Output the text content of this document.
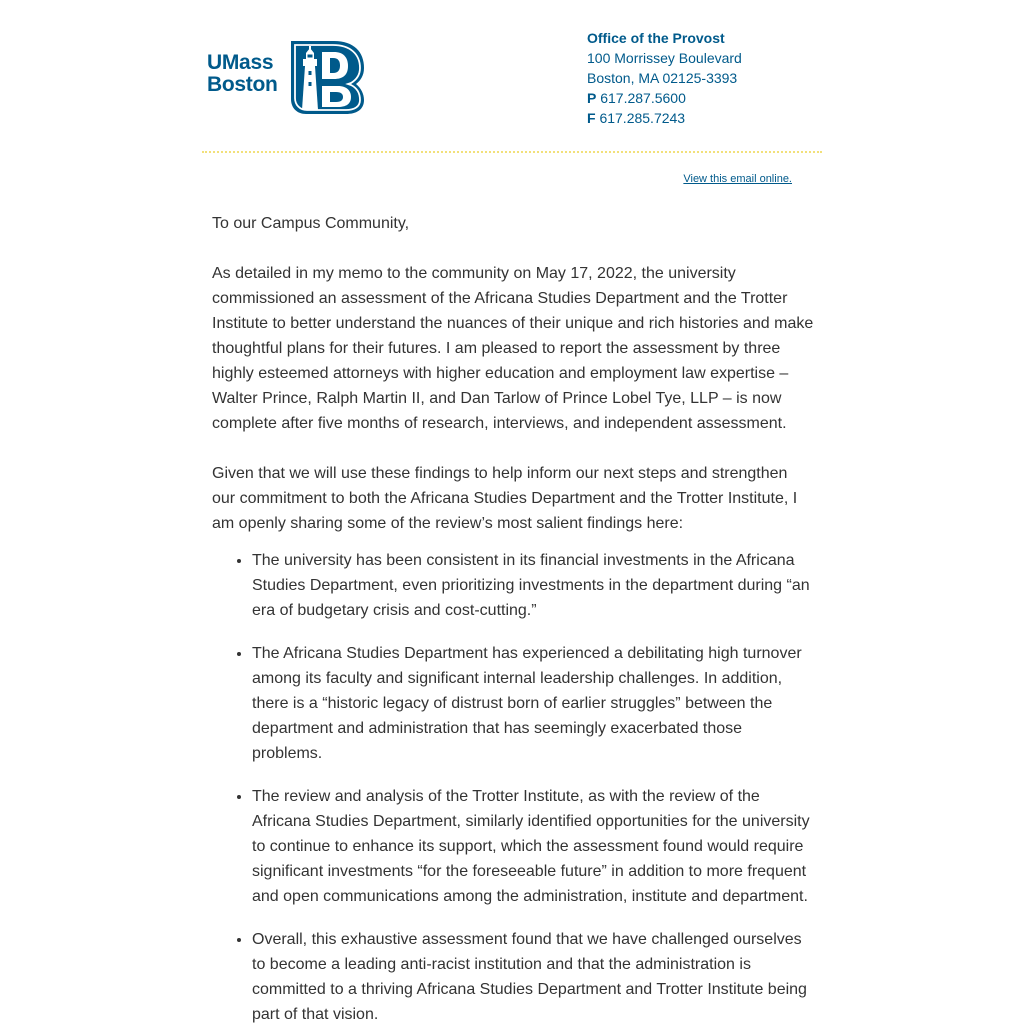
UMass
Boston
Office of the Provost
100 Morrissey Boulevard
Boston, MA 02125-3393
P 617.287.5600
F 617.285.7243
View this email online.

To our Campus Community,

As detailed in my memo to the community on May 17, 2022, the university commissioned an assessment of the Africana Studies Department and the Trotter Institute to better understand the nuances of their unique and rich histories and make thoughtful plans for their futures. I am pleased to report the assessment by three highly esteemed attorneys with higher education and employment law expertise – Walter Prince, Ralph Martin II, and Dan Tarlow of Prince Lobel Tye, LLP – is now complete after five months of research, interviews, and independent assessment.

Given that we will use these findings to help inform our next steps and strengthen our commitment to both the Africana Studies Department and the Trotter Institute, I am openly sharing some of the review’s most salient findings here:

• The university has been consistent in its financial investments in the Africana Studies Department, even prioritizing investments in the department during “an era of budgetary crisis and cost-cutting.”
• The Africana Studies Department has experienced a debilitating high turnover among its faculty and significant internal leadership challenges. In addition, there is a “historic legacy of distrust born of earlier struggles” between the department and administration that has seemingly exacerbated those problems.
• The review and analysis of the Trotter Institute, as with the review of the Africana Studies Department, similarly identified opportunities for the university to continue to enhance its support, which the assessment found would require significant investments “for the foreseeable future” in addition to more frequent and open communications among the administration, institute and department.
• Overall, this exhaustive assessment found that we have challenged ourselves to become a leading anti-racist institution and that the administration is committed to a thriving Africana Studies Department and Trotter Institute being part of that vision.
